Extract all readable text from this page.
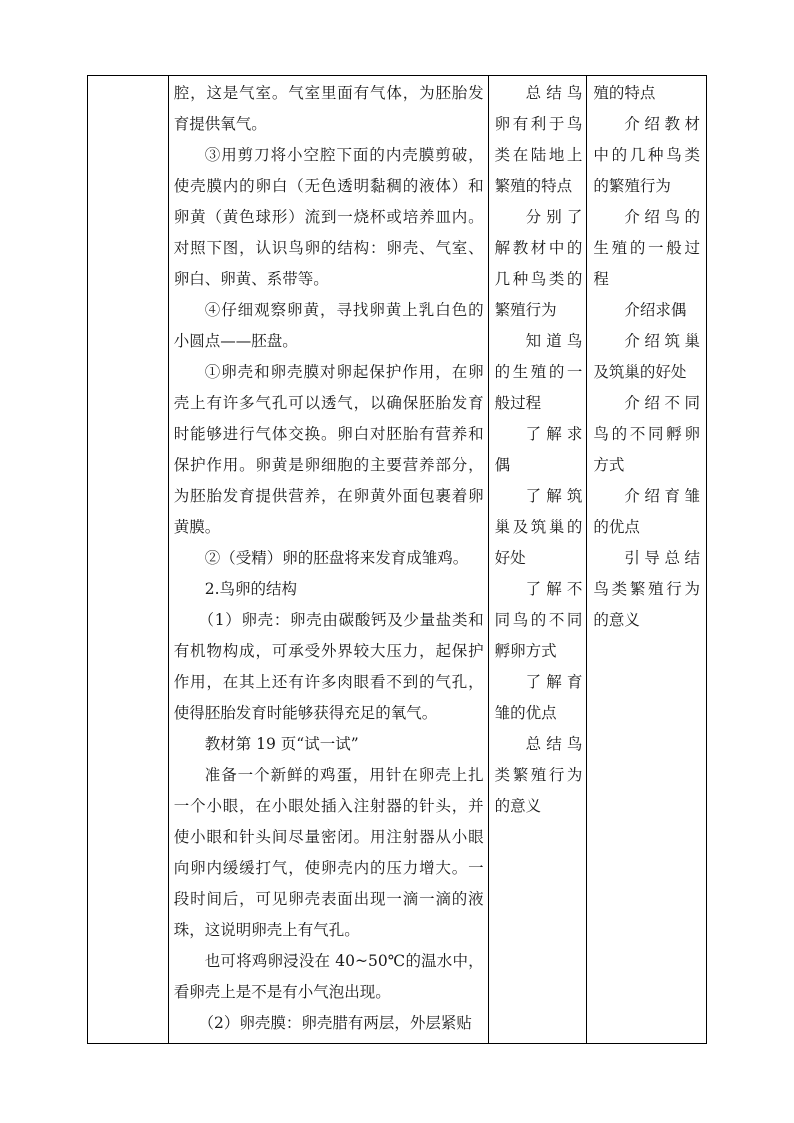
腔，这是气室。气室里面有气体，为胚胎发育提供氧气。

③用剪刀将小空腔下面的内壳膜剪破，使壳膜内的卵白（无色透明黏稠的液体）和卵黄（黄色球形）流到一烧杯或培养皿内。对照下图，认识鸟卵的结构：卵壳、气室、卵白、卵黄、系带等。

④仔细观察卵黄，寻找卵黄上乳白色的小圆点——胚盘。

①卵壳和卵壳膜对卵起保护作用，在卵壳上有许多气孔可以透气，以确保胚胎发育时能够进行气体交换。卵白对胚胎有营养和保护作用。卵黄是卵细胞的主要营养部分，为胚胎发育提供营养，在卵黄外面包裹着卵黄膜。

②（受精）卵的胚盘将来发育成雏鸡。

2.鸟卵的结构

（1）卵壳：卵壳由碳酸钙及少量盐类和有机物构成，可承受外界较大压力，起保护作用，在其上还有许多肉眼看不到的气孔，使得胚胎发育时能够获得充足的氧气。

教材第 19 页“试一试”

准备一个新鲜的鸡蛋，用针在卵壳上扎一个小眼，在小眼处插入注射器的针头，并使小眼和针头间尽量密闭。用注射器从小眼向卵内缓缓打气，使卵壳内的压力增大。一段时间后，可见卵壳表面出现一滴一滴的液珠，这说明卵壳上有气孔。

也可将鸡卵浸没在 40~50℃的温水中，看卵壳上是不是有小气泡出现。

（2）卵壳膜：卵壳腊有两层，外层紧贴

总结鸟卵有利于鸟类在陆地上繁殖的特点

分别了解教材中的几种鸟类的繁殖行为

知道鸟的生殖的一般过程

了解求偶

了解筑巢及筑巢的好处

了解不同鸟的不同孵卵方式

了解育雏的优点

总结鸟类繁殖行为的意义

殖的特点

介绍教材中的几种鸟类的繁殖行为

介绍鸟的生殖的一般过程

介绍求偶

介绍筑巢及筑巢的好处

介绍不同鸟的不同孵卵方式

介绍育雏的优点

引导总结鸟类繁殖行为的意义
